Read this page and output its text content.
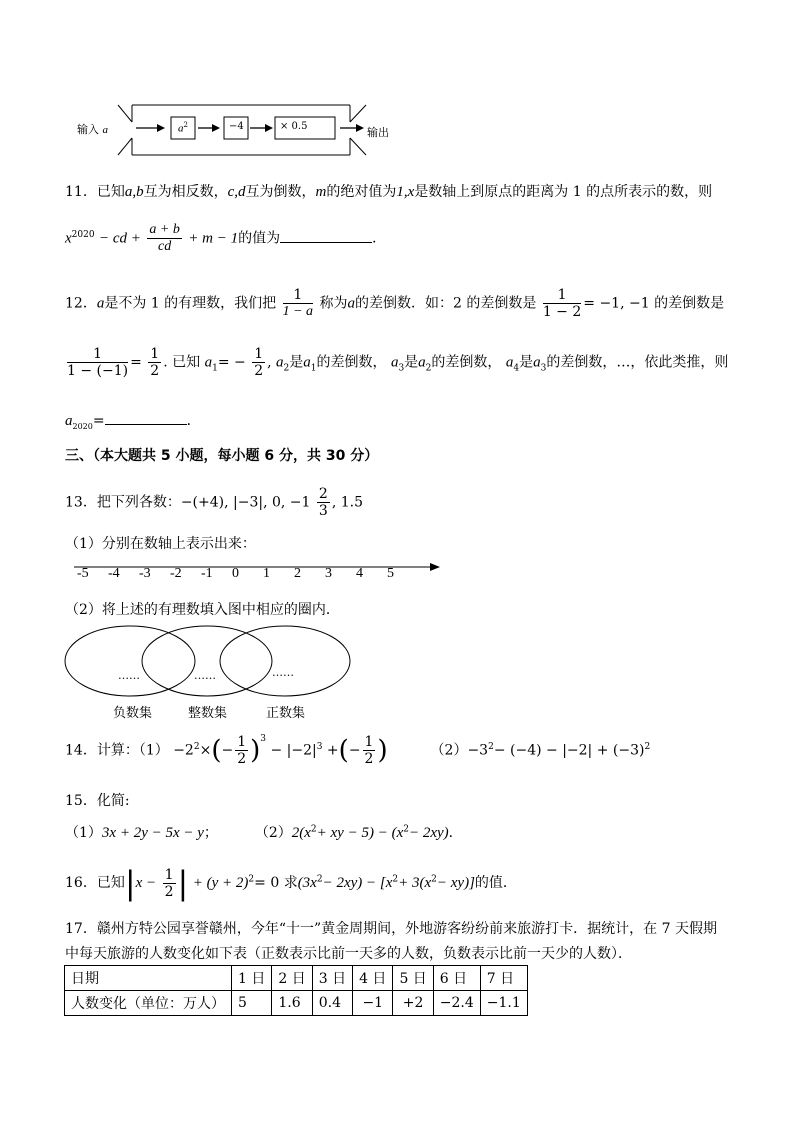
输入 a	$a^2$	−4	× 0.5	输出
11．已知a,b互为相反数，c,d互为倒数，m的绝对值为1,x是数轴上到原点的距离为 1 的点所表示的数，则
$x^{2020}$ − cd + $\frac{a + b}{cd} + m - 1$的值为	．
12．a是不为 1 的有理数，我们把 $\frac{1}{1 - a}$ 称为a的差倒数．如：2 的差倒数是 $\frac{1}{1 - 2} = -1$, −1 的差倒数是
$\frac{1}{1 - (-1)} = \frac{1}{2}$ . 已知 $a_1= - \frac{1}{2}$ , $a_2$是$a_1$的差倒数， $a_3$是$a_2$的差倒数， $a_4$是$a_3$的差倒数，…，依此类推，则
$a_{2020}=$	．
三、（本大题共 5 小题，每小题 6 分，共 30 分）
13．把下列各数：−(+4), |−3|, 0, $-1 \frac{2}{3}$ , 1.5
（1）分别在数轴上表示出来：
-5 -4 -3 -2 -1 0 1 2 3 4 5
（2）将上述的有理数填入图中相应的圈内．
……	……	……
负数集	整数集	正数集
14．计算：$(1) -2^2\times(- \frac{1}{2} )^3 - |-2|^3$ +(− $\frac{1}{2}$ )	$(2)-3^2- (-4) - |-2| + (-3)^2$
15．化简:
（1）3x + 2y − 5x − y；	$(2)2(x^2+$ xy − $5) - (x^2- 2xy)$．
16．已知$|x - \frac{1}{2}$ | + $(y + 2)^2= 0$ 求$(3x^2- 2xy) - [x^2+ 3(x^2- xy)]$的值．
17．赣州方特公园享誉赣州，今年“十一”黄金周期间，外地游客纷纷前来旅游打卡．据统计，在 7 天假期
中每天旅游的人数变化如下表（正数表示比前一天多的人数，负数表示比前一天少的人数）．
日期	1 日	2 日	3 日	4 日	5 日	6 日	7 日
人数变化（单位：万人）	5	1.6	0.4	−1	+2	−2.4	−1.1
